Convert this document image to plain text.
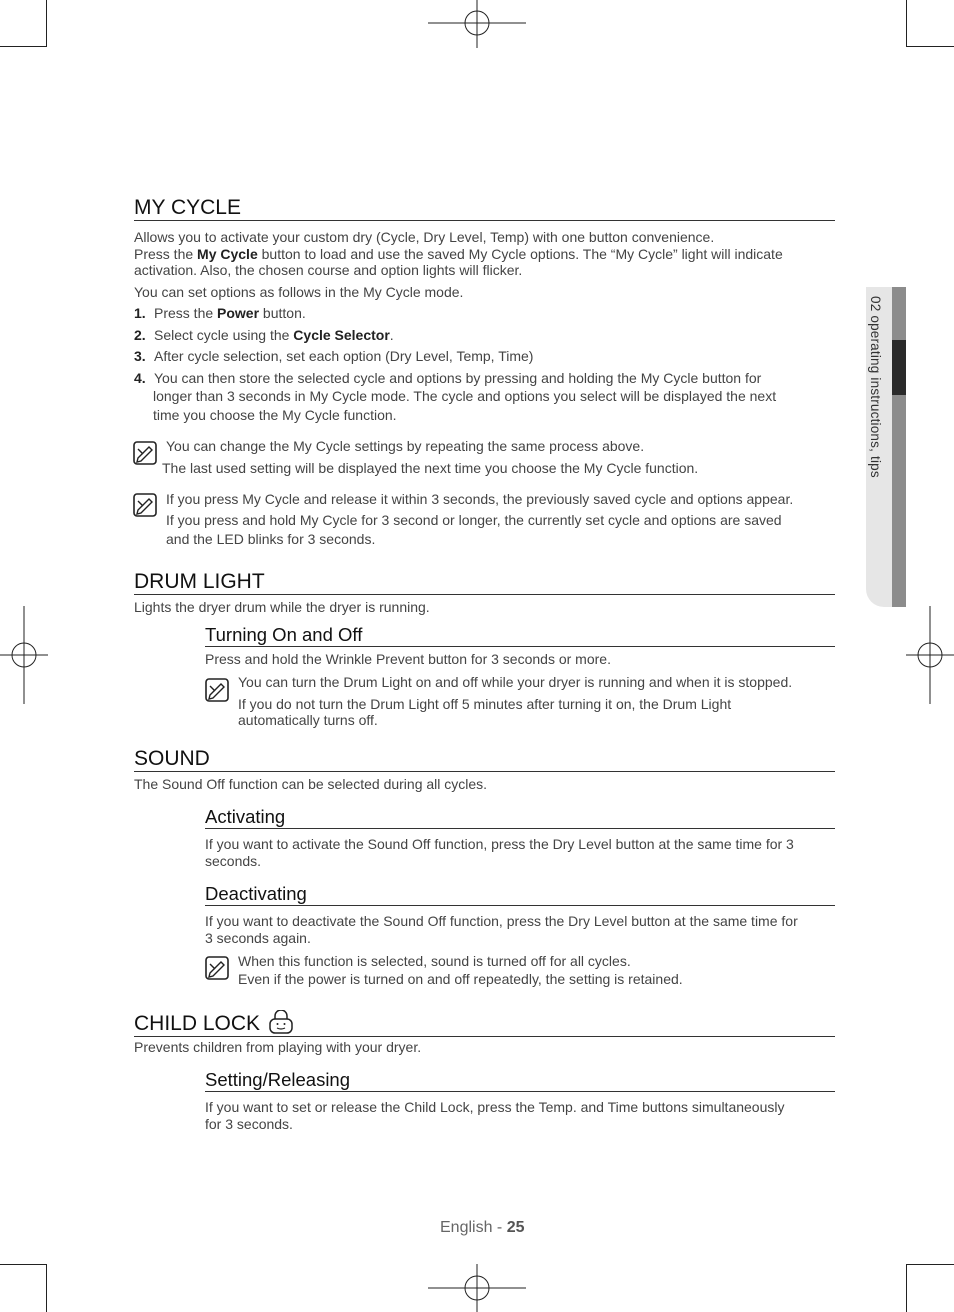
02 operating instructions, tips
MY CYCLE
Allows you to activate your custom dry (Cycle, Dry Level, Temp) with one button convenience.
Press the My Cycle button to load and use the saved My Cycle options. The “My Cycle” light will indicate
activation. Also, the chosen course and option lights will flicker.
You can set options as follows in the My Cycle mode.
1. Press the Power button.
2. Select cycle using the Cycle Selector.
3. After cycle selection, set each option (Dry Level, Temp, Time)
4. You can then store the selected cycle and options by pressing and holding the My Cycle button for
longer than 3 seconds in My Cycle mode. The cycle and options you select will be displayed the next
time you choose the My Cycle function.
You can change the My Cycle settings by repeating the same process above.
The last used setting will be displayed the next time you choose the My Cycle function.
If you press My Cycle and release it within 3 seconds, the previously saved cycle and options appear.
If you press and hold My Cycle for 3 second or longer, the currently set cycle and options are saved
and the LED blinks for 3 seconds.
DRUM LIGHT
Lights the dryer drum while the dryer is running.
Turning On and Off
Press and hold the Wrinkle Prevent button for 3 seconds or more.
You can turn the Drum Light on and off while your dryer is running and when it is stopped.
If you do not turn the Drum Light off 5 minutes after turning it on, the Drum Light
automatically turns off.
SOUND
The Sound Off function can be selected during all cycles.
Activating
If you want to activate the Sound Off function, press the Dry Level button at the same time for 3
seconds.
Deactivating
If you want to deactivate the Sound Off function, press the Dry Level button at the same time for
3 seconds again.
When this function is selected, sound is turned off for all cycles.
Even if the power is turned on and off repeatedly, the setting is retained.
CHILD LOCK
Prevents children from playing with your dryer.
Setting/Releasing
If you want to set or release the Child Lock, press the Temp. and Time buttons simultaneously
for 3 seconds.
English - 25
